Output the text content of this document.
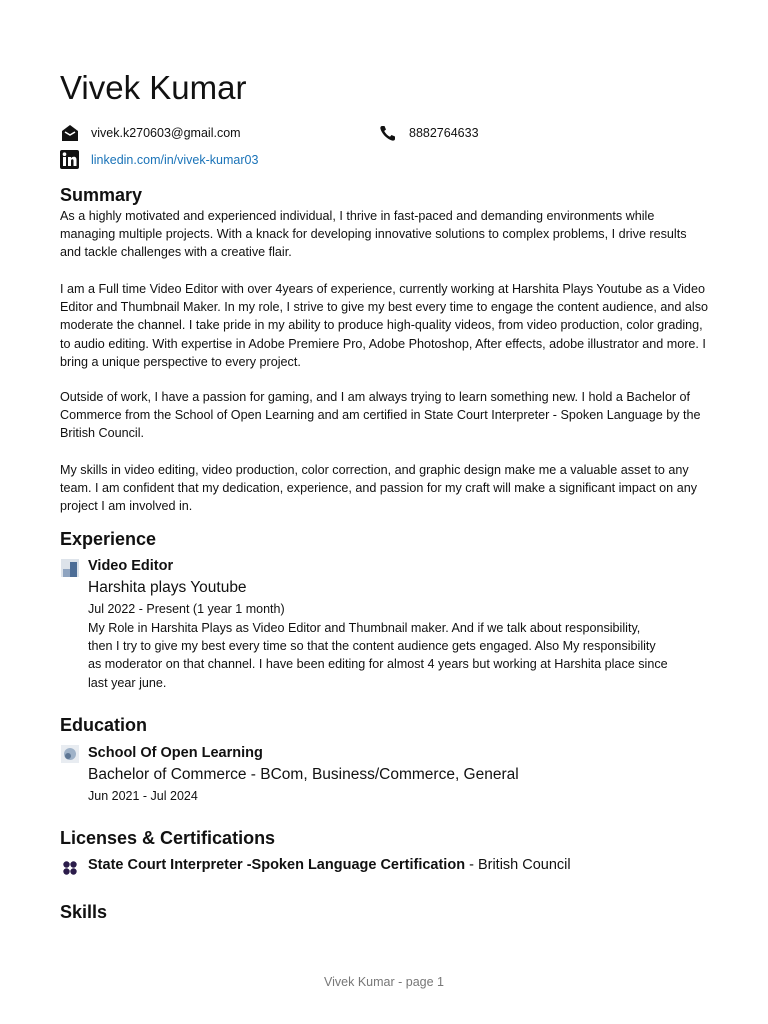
Vivek Kumar
vivek.k270603@gmail.com	8882764633
linkedin.com/in/vivek-kumar03
Summary

As a highly motivated and experienced individual, I thrive in fast-paced and demanding environments while managing multiple projects. With a knack for developing innovative solutions to complex problems, I drive results and tackle challenges with a creative flair.

I am a Full time Video Editor with over 4years of experience, currently working at Harshita Plays Youtube as a Video Editor and Thumbnail Maker. In my role, I strive to give my best every time to engage the content audience, and also moderate the channel. I take pride in my ability to produce high-quality videos, from video production, color grading, to audio editing. With expertise in Adobe Premiere Pro, Adobe Photoshop, After effects, adobe illustrator and more. I bring a unique perspective to every project.

Outside of work, I have a passion for gaming, and I am always trying to learn something new. I hold a Bachelor of Commerce from the School of Open Learning and am certified in State Court Interpreter - Spoken Language by the British Council.

My skills in video editing, video production, color correction, and graphic design make me a valuable asset to any team. I am confident that my dedication, experience, and passion for my craft will make a significant impact on any project I am involved in.

Experience
Video Editor
Harshita plays Youtube
Jul 2022 - Present (1 year 1 month)

My Role in Harshita Plays as Video Editor and Thumbnail maker. And if we talk about responsibility, then I try to give my best every time so that the content audience gets engaged. Also My responsibility as moderator on that channel. I have been editing for almost 4 years but working at Harshita place since last year june.

Education
School Of Open Learning
Bachelor of Commerce - BCom, Business/Commerce, General
Jun 2021 - Jul 2024
Licenses & Certifications
State Court Interpreter -Spoken Language Certification - British Council
Skills
Vivek Kumar - page 1
